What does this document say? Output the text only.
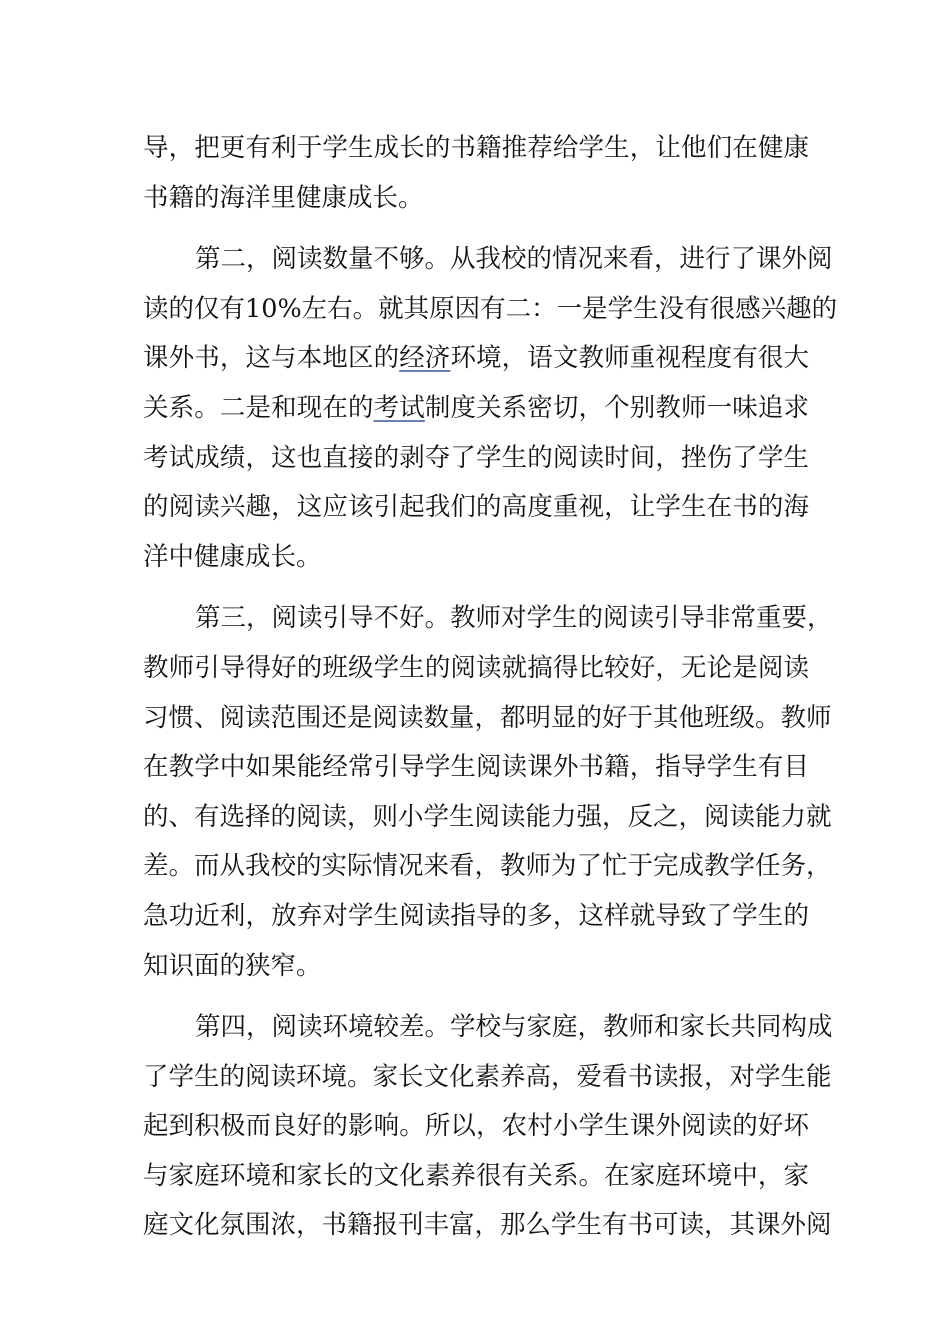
导，把更有利于学生成长的书籍推荐给学生，让他们在健康
书籍的海洋里健康成长。
第二，阅读数量不够。从我校的情况来看，进行了课外阅
读的仅有10%左右。就其原因有二：一是学生没有很感兴趣的
课外书，这与本地区的经济环境，语文教师重视程度有很大
关系。二是和现在的考试制度关系密切，个别教师一味追求
考试成绩，这也直接的剥夺了学生的阅读时间，挫伤了学生
的阅读兴趣，这应该引起我们的高度重视，让学生在书的海
洋中健康成长。
第三，阅读引导不好。教师对学生的阅读引导非常重要，
教师引导得好的班级学生的阅读就搞得比较好，无论是阅读
习惯、阅读范围还是阅读数量，都明显的好于其他班级。教师
在教学中如果能经常引导学生阅读课外书籍，指导学生有目
的、有选择的阅读，则小学生阅读能力强，反之，阅读能力就
差。而从我校的实际情况来看，教师为了忙于完成教学任务，
急功近利，放弃对学生阅读指导的多，这样就导致了学生的
知识面的狭窄。
第四，阅读环境较差。学校与家庭，教师和家长共同构成
了学生的阅读环境。家长文化素养高，爱看书读报，对学生能
起到积极而良好的影响。所以，农村小学生课外阅读的好坏
与家庭环境和家长的文化素养很有关系。在家庭环境中，家
庭文化氛围浓，书籍报刊丰富，那么学生有书可读，其课外阅
